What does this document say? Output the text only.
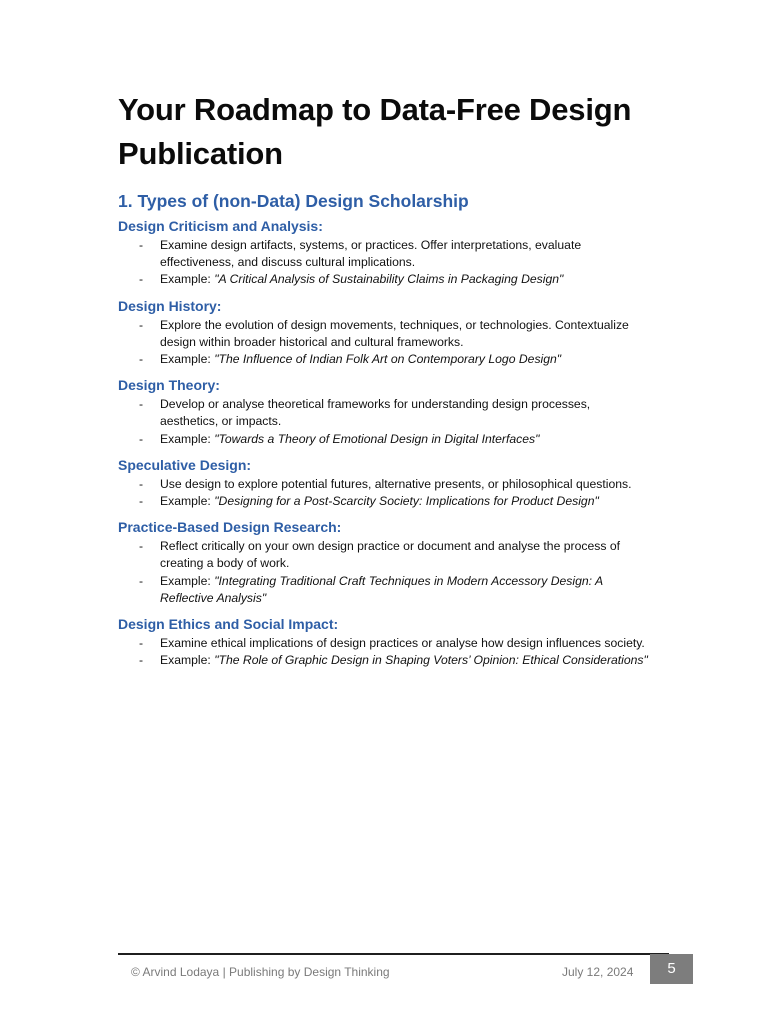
Your Roadmap to Data-Free Design Publication
1. Types of (non-Data) Design Scholarship
Design Criticism and Analysis:
- Examine design artifacts, systems, or practices. Offer interpretations, evaluate effectiveness, and discuss cultural implications.
- Example: "A Critical Analysis of Sustainability Claims in Packaging Design"
Design History:
- Explore the evolution of design movements, techniques, or technologies. Contextualize design within broader historical and cultural frameworks.
- Example: "The Influence of Indian Folk Art on Contemporary Logo Design"
Design Theory:
- Develop or analyse theoretical frameworks for understanding design processes, aesthetics, or impacts.
- Example: "Towards a Theory of Emotional Design in Digital Interfaces"
Speculative Design:
- Use design to explore potential futures, alternative presents, or philosophical questions.
- Example: "Designing for a Post-Scarcity Society: Implications for Product Design"
Practice-Based Design Research:
- Reflect critically on your own design practice or document and analyse the process of creating a body of work.
- Example: "Integrating Traditional Craft Techniques in Modern Accessory Design: A Reflective Analysis"
Design Ethics and Social Impact:
- Examine ethical implications of design practices or analyse how design influences society.
- Example: "The Role of Graphic Design in Shaping Voters’ Opinion: Ethical Considerations"
© Arvind Lodaya | Publishing by Design Thinking	July 12, 2024	5
